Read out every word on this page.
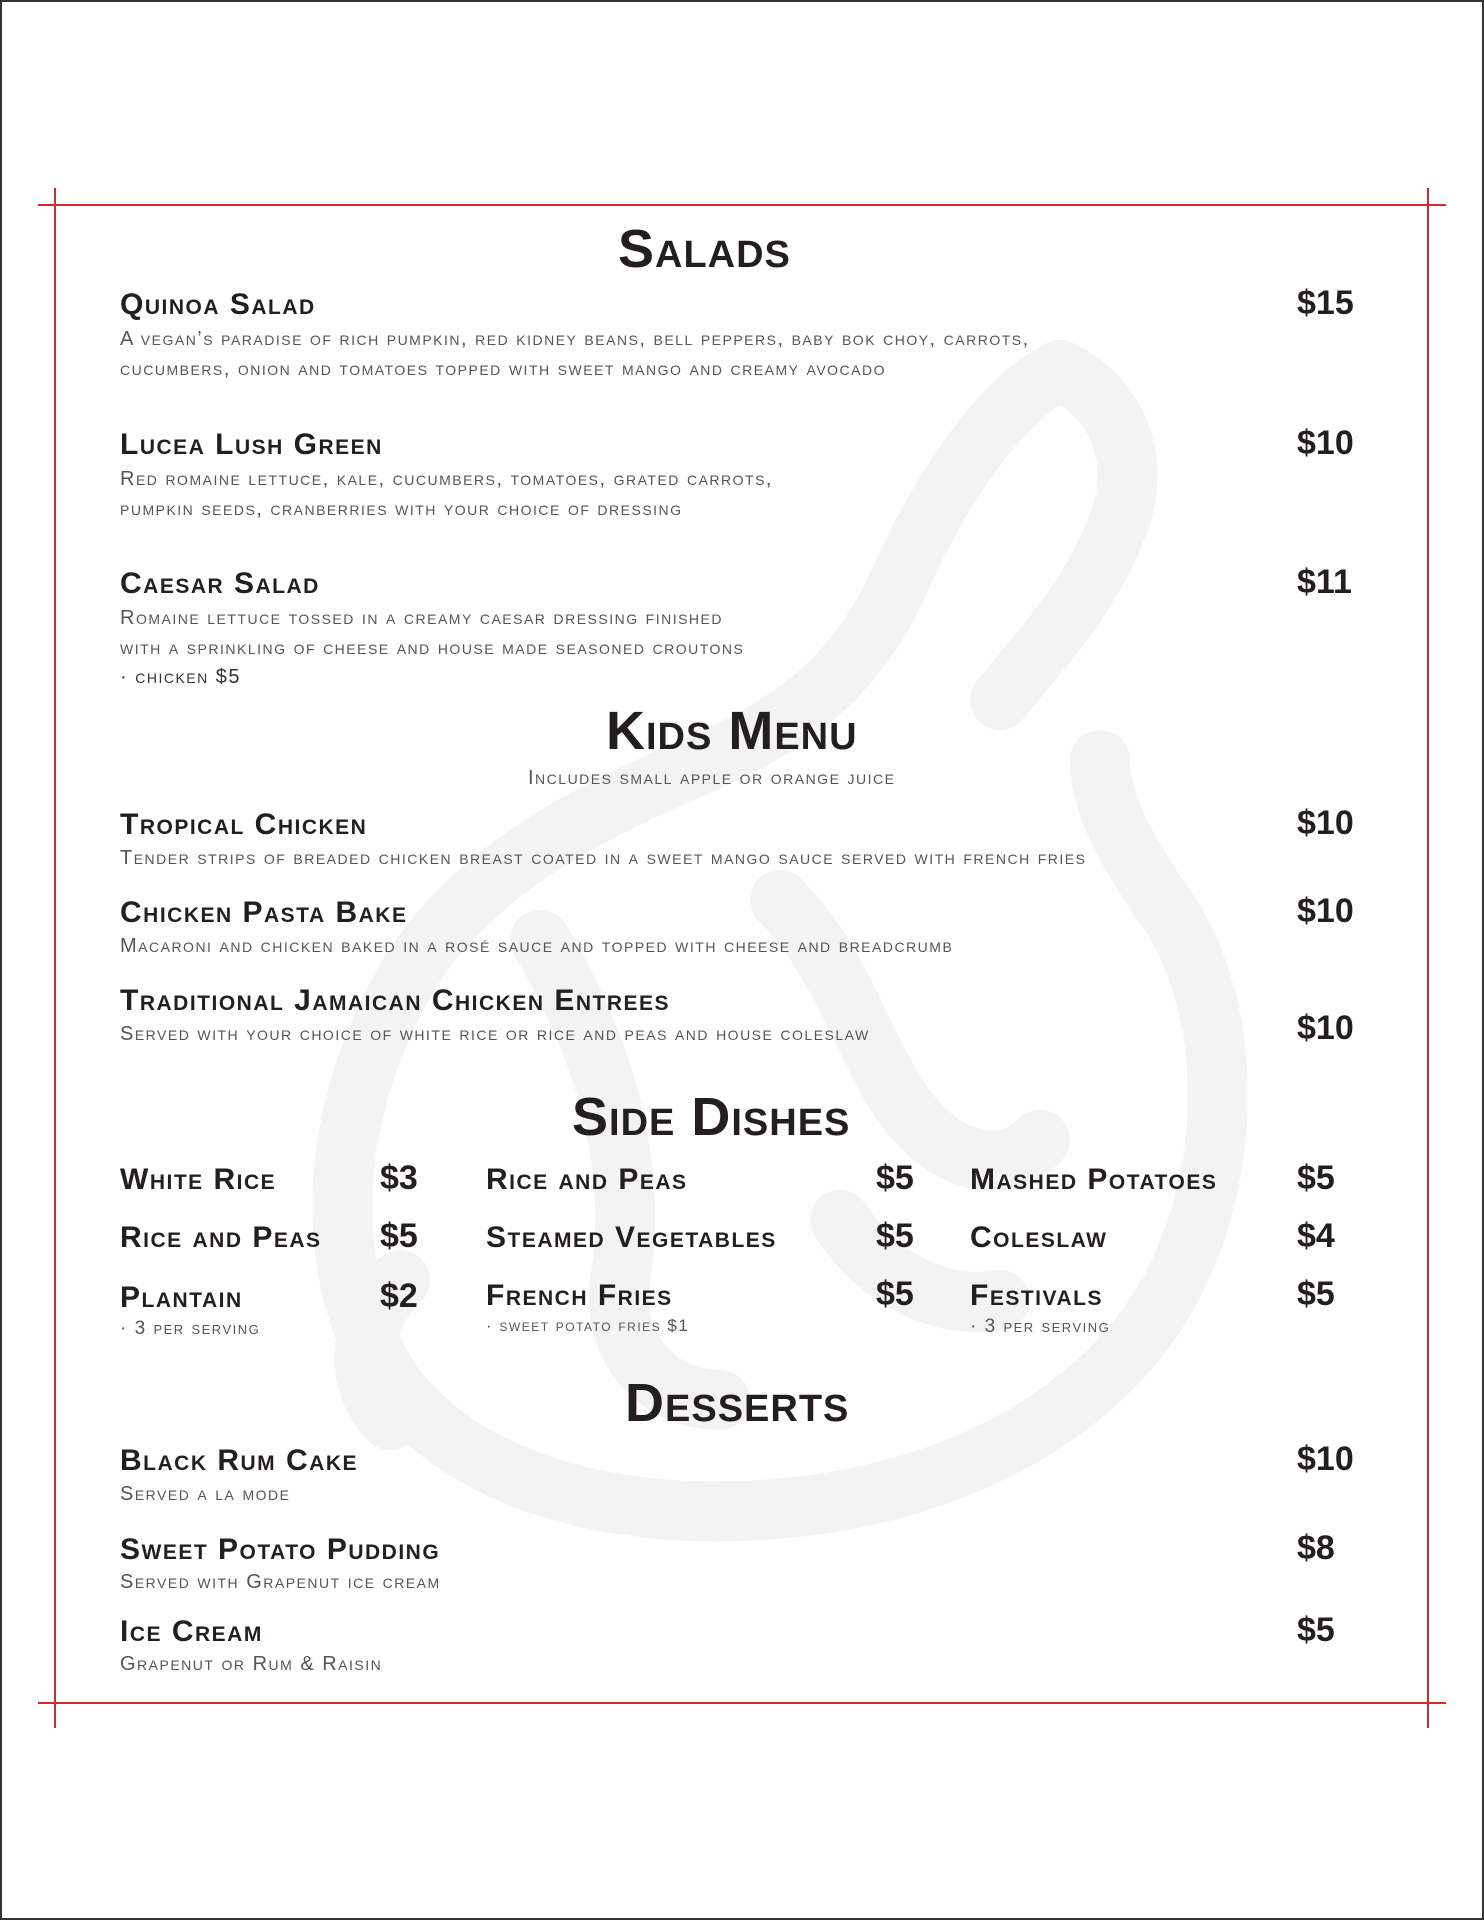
Salads
Quinoa Salad	$15
A vegan’s paradise of rich pumpkin, red kidney beans, bell peppers, baby bok choy, carrots,
cucumbers, onion and tomatoes topped with sweet mango and creamy avocado
Lucea Lush Green	$10
Red romaine lettuce, kale, cucumbers, tomatoes, grated carrots,
pumpkin seeds, cranberries with your choice of dressing
Caesar Salad	$11
Romaine lettuce tossed in a creamy caesar dressing finished
with a sprinkling of cheese and house made seasoned croutons
· chicken $5
Kids Menu
Includes small apple or orange juice
Tropical Chicken	$10
Tender strips of breaded chicken breast coated in a sweet mango sauce served with french fries
Chicken Pasta Bake	$10
Macaroni and chicken baked in a rosé sauce and topped with cheese and breadcrumb
Traditional Jamaican Chicken Entrees
$10
Served with your choice of white rice or rice and peas and house coleslaw
Side Dishes
White Rice	$3
Rice and Peas $5
Plantain	$2
· 3 per serving
Rice and Peas	$5
Steamed Vegetables	$5
French Fries	$5
· sweet potato fries $1
Mashed Potatoes $5
Coleslaw	$4
Festivals	$5
· 3 per serving
Desserts
Black Rum Cake	$10
Served a la mode
Sweet Potato Pudding	$8
Served with Grapenut ice cream
Ice Cream	$5
Grapenut or Rum & Raisin
